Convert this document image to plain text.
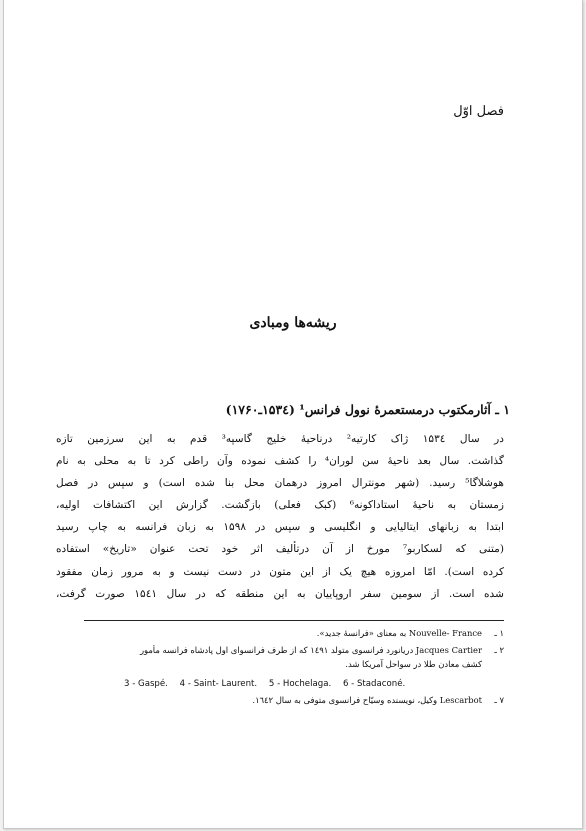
فصل اوّل
ریشه‌ها ومبادی
۱ ـ آثارمکتوب درمستعمرهٔ نوول فرانس¹ (۱۵۳٤ـ۱۷۶۰)
در سال ۱۵۳٤ ژاک کارتیه² درناحیهٔ خلیج گاسپه³ قدم به این سرزمین تازه
گذاشت. سال بعد ناحیهٔ سن لوران⁴ را کشف نموده وآن راطی کرد تا به محلی به نام
هوشلاگا⁵ رسید. (شهر مونترال امروز درهمان محل بنا شده است) و سپس در فصل
زمستان به ناحیهٔ استاداکونه⁶ (کبک فعلی) بازگشت. گزارش این اکتشافات اولیه،
ابتدا به زبانهای ایتالیایی و انگلیسی و سپس در ۱۵۹۸ به زبان فرانسه به چاپ رسید
(متنی که لسکاربو⁷ مورخ از آن درتألیف اثر خود تحت عنوان «تاریخ» استفاده
کرده است). امّا امروزه هیچ یک از این متون در دست نیست و به مرور زمان مفقود
شده است. از سومین سفر اروپاییان به این منطقه که در سال ۱۵٤۱ صورت گرفت،
۱ ـNouvelle- France به معنای «فرانسهٔ جدید».
۲ ـJacques Cartier دریانورد فرانسوی متولد ۱٤۹۱ که از طرف فرانسوای اول پادشاه فرانسه مأمور
کشف معادن طلا در سواحل آمریکا شد.
3 - Gaspé. 4 - Saint- Laurent. 5 - Hochelaga. 6 - Stadaconé.
۷ ـLescarbot وکیل، نویسنده وسیّاح فرانسوی متوفی به سال ۱٦٤۲.
